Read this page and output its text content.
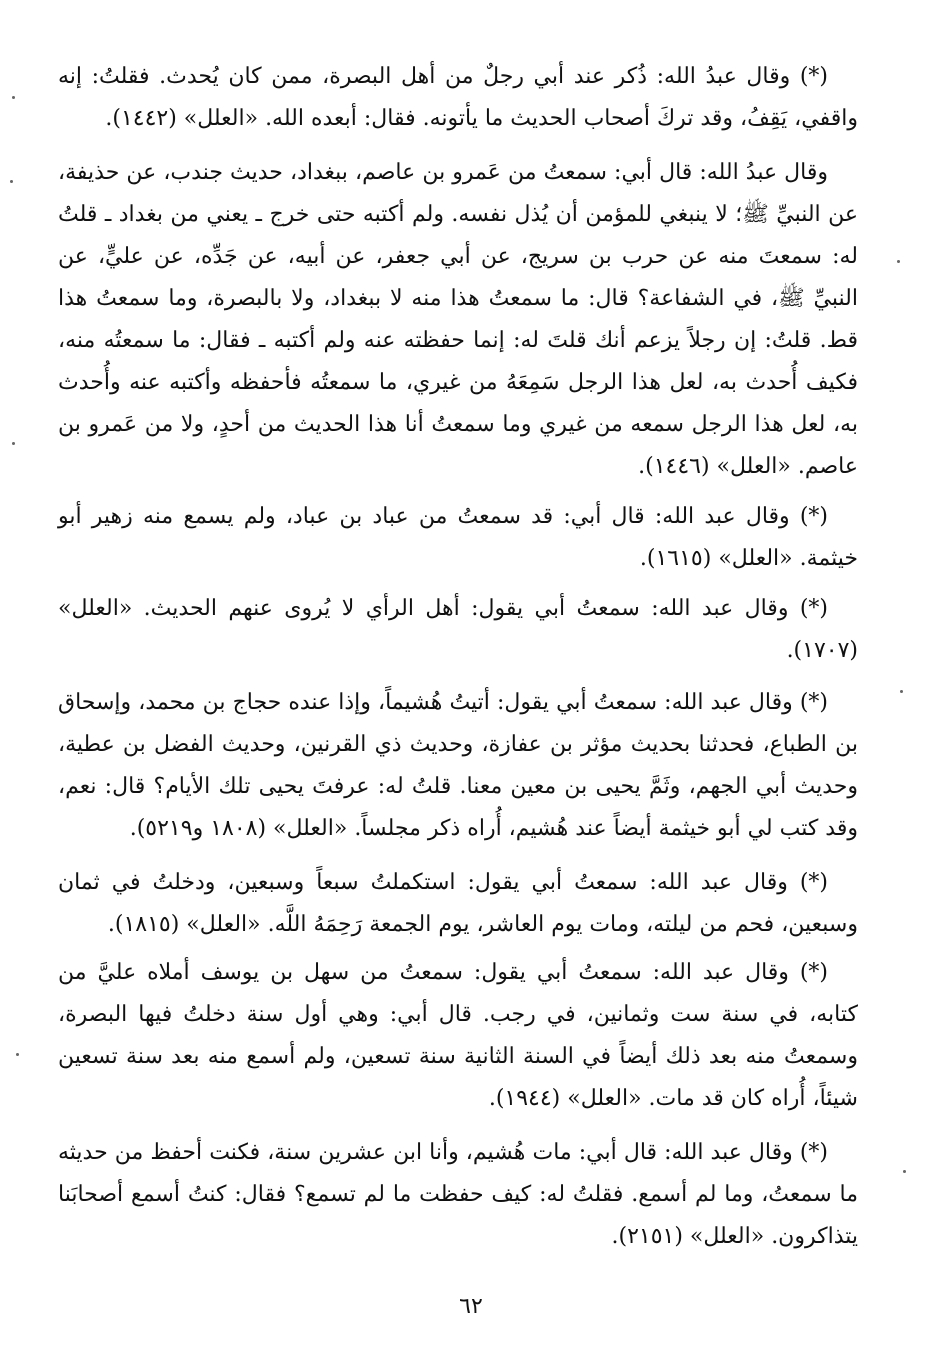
(*) وقال عبدُ الله: ذُكر عند أبي رجلٌ من أهل البصرة، ممن كان يُحدث. فقلتُ: إنه واقفي، يَقِفُ، وقد تركَ أصحاب الحديث ما يأتونه. فقال: أبعده الله. «العلل» (١٤٤٢).

وقال عبدُ الله: قال أبي: سمعتُ من عَمرو بن عاصم، ببغداد، حديث جندب، عن حذيفة، عن النبيِّ ﷺ؛ لا ينبغي للمؤمن أن يُذل نفسه. ولم أكتبه حتى خرج ـ يعني من بغداد ـ قلتُ له: سمعتَ منه عن حرب بن سريج، عن أبي جعفر، عن أبيه، عن جَدِّه، عن عليٍّ، عن النبيِّ ﷺ، في الشفاعة؟ قال: ما سمعتُ هذا منه لا ببغداد، ولا بالبصرة، وما سمعتُ هذا قط. قلتُ: إن رجلاً يزعم أنك قلتَ له: إنما حفظته عنه ولم أكتبه ـ فقال: ما سمعتُه منه، فكيف أُحدث به، لعل هذا الرجل سَمِعَهُ من غيري، ما سمعتُه فأحفظه وأكتبه عنه وأُحدث به، لعل هذا الرجل سمعه من غيري وما سمعتُ أنا هذا الحديث من أحدٍ، ولا من عَمرو بن عاصم. «العلل» (١٤٤٦).

(*) وقال عبد الله: قال أبي: قد سمعتُ من عباد بن عباد، ولم يسمع منه زهير أبو خيثمة. «العلل» (١٦١٥).

(*) وقال عبد الله: سمعتُ أبي يقول: أهل الرأي لا يُروى عنهم الحديث. «العلل» (١٧٠٧).

(*) وقال عبد الله: سمعتُ أبي يقول: أتيتُ هُشيماً، وإذا عنده حجاج بن محمد، وإسحاق بن الطباع، فحدثنا بحديث مؤثر بن عفازة، وحديث ذي القرنين، وحديث الفضل بن عطية، وحديث أبي الجهم، وثَمَّ يحيى بن معين معنا. قلتُ له: عرفتَ يحيى تلك الأيام؟ قال: نعم، وقد كتب لي أبو خيثمة أيضاً عند هُشيم، أُراه ذكر مجلساً. «العلل» (١٨٠٨ و٥٢١٩).

(*) وقال عبد الله: سمعتُ أبي يقول: استكملتُ سبعاً وسبعين، ودخلتُ في ثمان وسبعين، فحم من ليلته، ومات يوم العاشر، يوم الجمعة رَحِمَهُ اللَّه. «العلل» (١٨١٥).

(*) وقال عبد الله: سمعتُ أبي يقول: سمعتُ من سهل بن يوسف أملاه عليَّ من كتابه، في سنة ست وثمانين، في رجب. قال أبي: وهي أول سنة دخلتُ فيها البصرة، وسمعتُ منه بعد ذلك أيضاً في السنة الثانية سنة تسعين، ولم أسمع منه بعد سنة تسعين شيئاً، أُراه كان قد مات. «العلل» (١٩٤٤).

(*) وقال عبد الله: قال أبي: مات هُشيم، وأنا ابن عشرين سنة، فكنت أحفظ من حديثه ما سمعتُ، وما لم أسمع. فقلتُ له: كيف حفظت ما لم تسمع؟ فقال: كنتُ أسمع أصحابَنا يتذاكرون. «العلل» (٢١٥١).

٦٢
